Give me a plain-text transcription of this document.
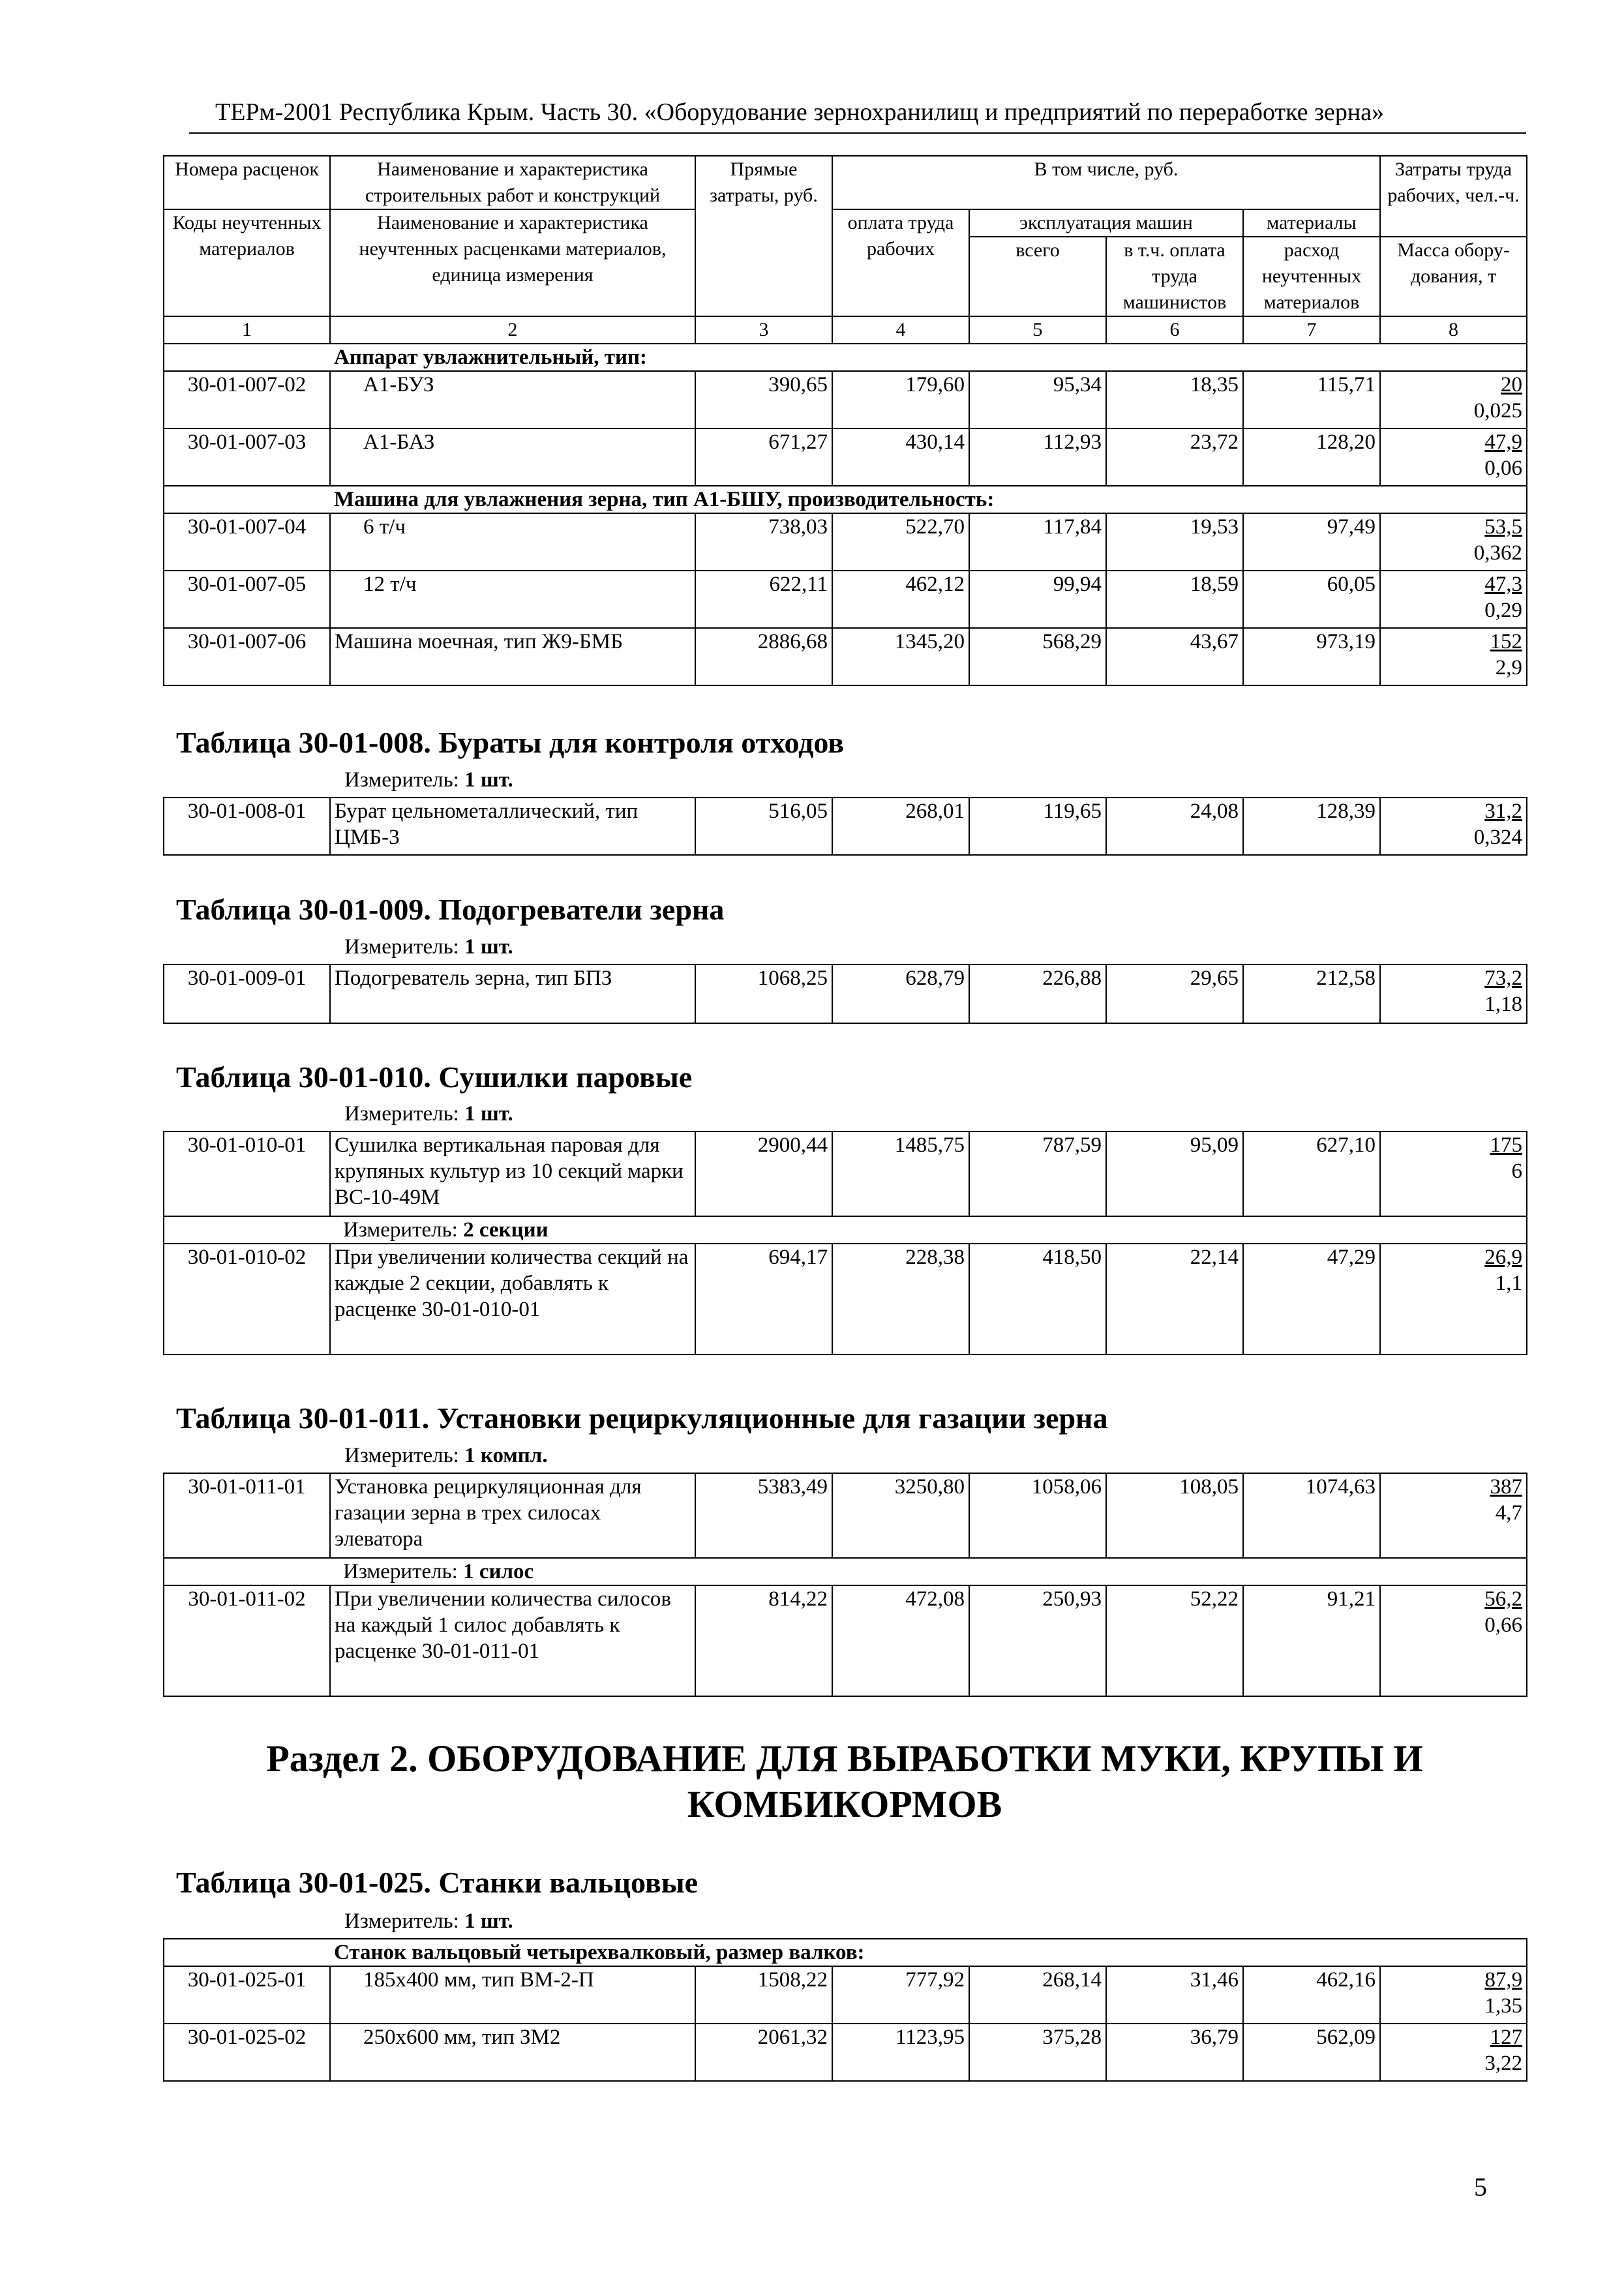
ТЕРм-2001 Республика Крым. Часть 30. «Оборудование зернохранилищ и предприятий по переработке зерна»
Номера расценок	Наименование и характеристика строительных работ и конструкций	Прямые затраты, руб.	В том числе, руб.				Затраты труда рабочих, чел.-ч.
Коды неучтенных материалов	Наименование и характеристика неучтенных расценками материалов, единица измерения		оплата труда рабочих	эксплуатация машин		материалы	
				всего	в т.ч. оплата труда машинистов	расход неучтенных материалов	
							Масса обору-дования, т
1	2	3	4	5	6	7	8
	Аппарат увлажнительный, тип:						
30-01-007-02	А1-БУЗ	390,65	179,60	95,34	18,35	115,71	20
0,025

30-01-007-03	А1-БАЗ	671,27	430,14	112,93	23,72	128,20	47,9
0,06

	Машина для увлажнения зерна, тип А1-БШУ, производительность:						
30-01-007-04	6 т/ч	738,03	522,70	117,84	19,53	97,49	53,5
0,362

30-01-007-05	12 т/ч	622,11	462,12	99,94	18,59	60,05	47,3
0,29

30-01-007-06	Машина моечная, тип Ж9-БМБ	2886,68	1345,20	568,29	43,67	973,19	152
2,9
Таблица 30-01-008. Бураты для контроля отходов
Измеритель: 1 шт.
30-01-008-01	Бурат цельнометаллический, тип ЦМБ-3	516,05	268,01	119,65	24,08	128,39	31,2
0,324
Таблица 30-01-009. Подогреватели зерна
Измеритель: 1 шт.
30-01-009-01	Подогреватель зерна, тип БПЗ	1068,25	628,79	226,88	29,65	212,58	73,2
1,18
Таблица 30-01-010. Сушилки паровые
Измеритель: 1 шт.
30-01-010-01	Сушилка вертикальная паровая для крупяных культур из 10 секций марки ВС-10-49М	2900,44	1485,75	787,59	95,09	627,10	175
6

	Измеритель: 2 секции						
30-01-010-02	При увеличении количества секций на каждые 2 секции, добавлять к расценке 30-01-010-01	694,17	228,38	418,50	22,14	47,29	26,9
1,1
Таблица 30-01-011. Установки рециркуляционные для газации зерна
Измеритель: 1 компл.
30-01-011-01	Установка рециркуляционная для газации зерна в трех силосах элеватора	5383,49	3250,80	1058,06	108,05	1074,63	387
4,7

	Измеритель: 1 силос						
30-01-011-02	При увеличении количества силосов на каждый 1 силос добавлять к расценке 30-01-011-01	814,22	472,08	250,93	52,22	91,21	56,2
0,66
Раздел 2. ОБОРУДОВАНИЕ ДЛЯ ВЫРАБОТКИ МУКИ, КРУПЫ И КОМБИКОРМОВ
Таблица 30-01-025. Станки вальцовые
Измеритель: 1 шт.
	Станок вальцовый четырехвалковый, размер валков:						
30-01-025-01	185х400 мм, тип ВМ-2-П	1508,22	777,92	268,14	31,46	462,16	87,9
1,35

30-01-025-02	250х600 мм, тип ЗМ2	2061,32	1123,95	375,28	36,79	562,09	127
3,22
5
